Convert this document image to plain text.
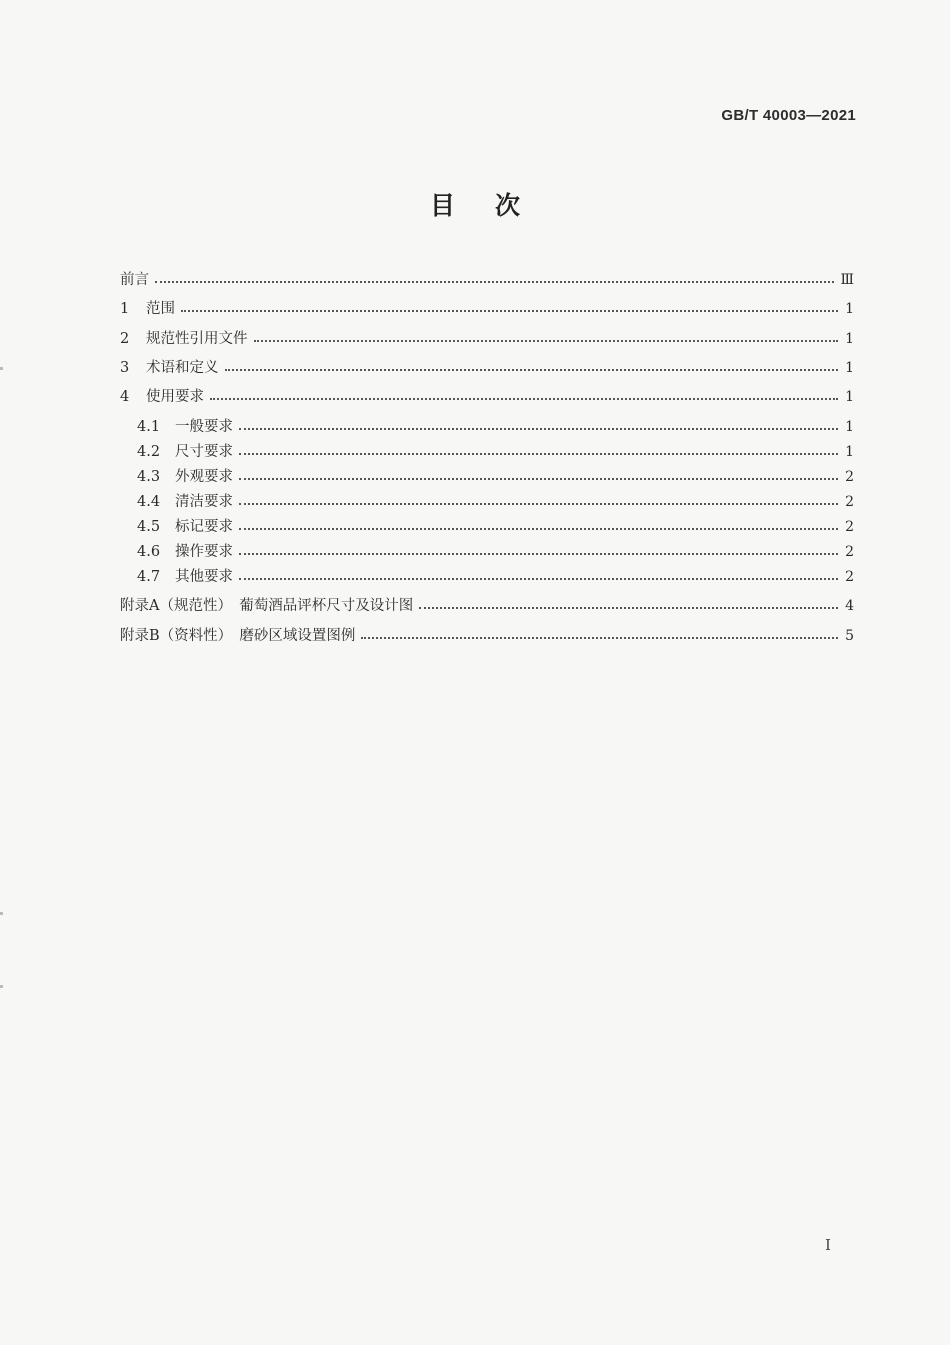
GB/T 40003—2021
目次
前言	Ⅲ
1	范围	1
2	规范性引用文件	1
3	术语和定义	1
4	使用要求	1
4.1	一般要求	1
4.2	尺寸要求	1
4.3	外观要求	2
4.4	清洁要求	2
4.5	标记要求	2
4.6	操作要求	2
4.7	其他要求	2
附录A（规范性）　葡萄酒品评杯尺寸及设计图	4
附录B（资料性）　磨砂区域设置图例	5
I
